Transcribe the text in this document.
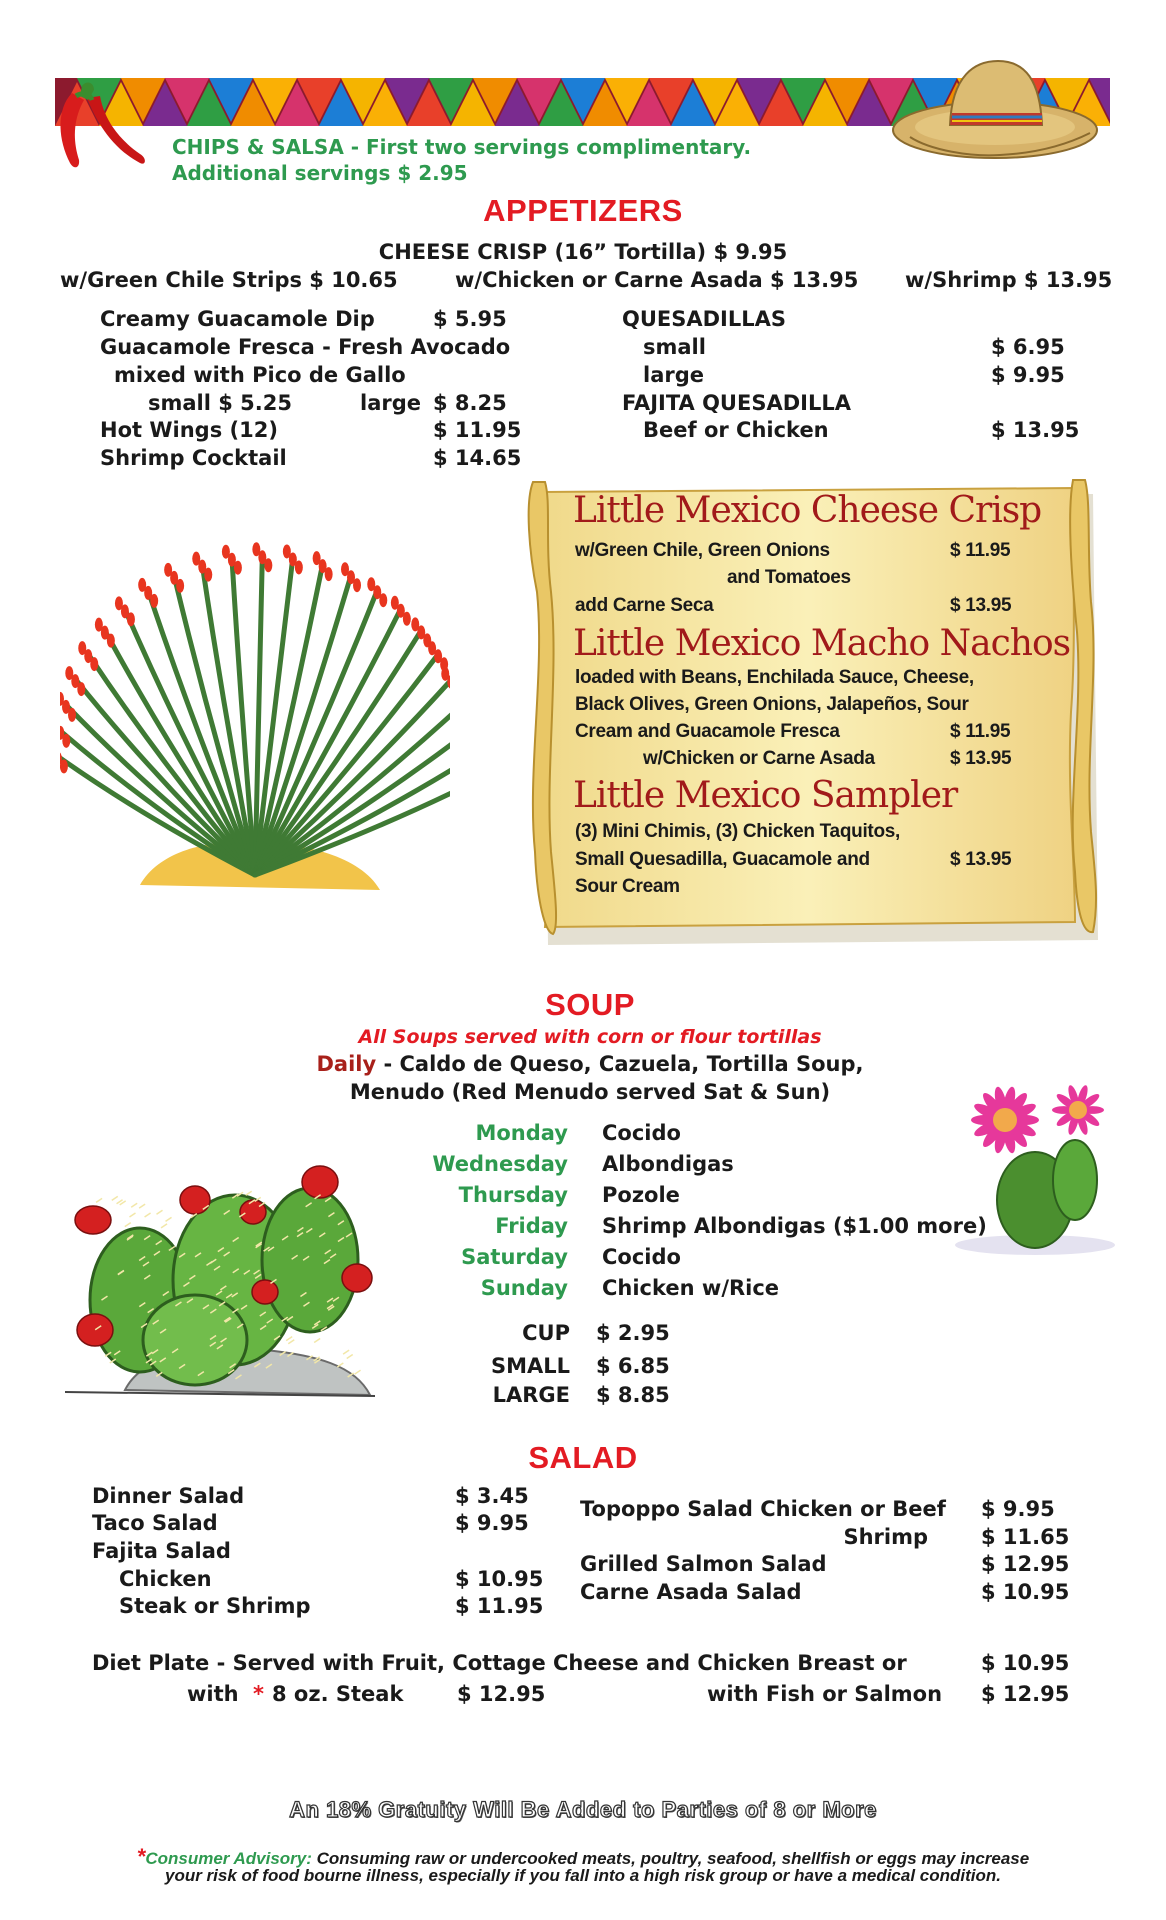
CHIPS & SALSA - First two servings complimentary.
Additional servings $ 2.95
APPETIZERS
CHEESE CRISP (16” Tortilla) $ 9.95
w/Green Chile Strips $ 10.65	w/Chicken or Carne Asada $ 13.95 w/Shrimp $ 13.95
Creamy Guacamole Dip	$ 5.95
Guacamole Fresca - Fresh Avocado
mixed with Pico de Gallo
small $ 5.25	large $ 8.25
Hot Wings (12)	$ 11.95
Shrimp Cocktail	$ 14.65
QUESADILLAS
small	$ 6.95
large	$ 9.95
FAJITA QUESADILLA
Beef or Chicken	$ 13.95
Little Mexico Cheese Crisp
w/Green Chile, Green Onions	$ 11.95
and Tomatoes
add Carne Seca	$ 13.95
Little Mexico Macho Nachos
loaded with Beans, Enchilada Sauce, Cheese,
Black Olives, Green Onions, Jalapeños, Sour
Cream and Guacamole Fresca	$ 11.95
w/Chicken or Carne Asada	$ 13.95
Little Mexico Sampler
(3) Mini Chimis, (3) Chicken Taquitos,
Small Quesadilla, Guacamole and	$ 13.95
Sour Cream
SOUP
All Soups served with corn or flour tortillas
Daily - Caldo de Queso, Cazuela, Tortilla Soup,
Menudo (Red Menudo served Sat & Sun)
Monday Cocido
Wednesday Albondigas
Thursday Pozole
Friday Shrimp Albondigas ($1.00 more)
Saturday Cocido
Sunday Chicken w/Rice
CUP $ 2.95
SMALL $ 6.85
LARGE $ 8.85
SALAD
Dinner Salad	$ 3.45
Taco Salad	$ 9.95
Fajita Salad
Chicken	$ 10.95
Steak or Shrimp	$ 11.95
Topoppo Salad Chicken or Beef $ 9.95
Shrimp	$ 11.65
Grilled Salmon Salad	$ 12.95
Carne Asada Salad	$ 10.95
Diet Plate - Served with Fruit, Cottage Cheese and Chicken Breast or	$ 10.95
with * 8 oz. Steak	$ 12.95	with Fish or Salmon $ 12.95
An 18% Gratuity Will Be Added to Parties of 8 or More
*Consumer Advisory: Consuming raw or undercooked meats, poultry, seafood, shellfish or eggs may increase
your risk of food bourne illness, especially if you fall into a high risk group or have a medical condition.
